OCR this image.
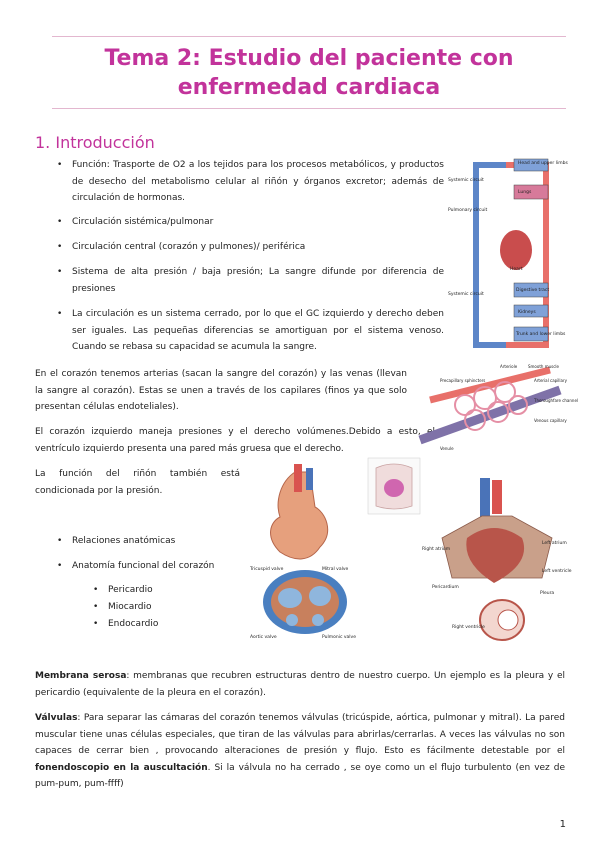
Tema 2: Estudio del paciente con
enfermedad cardiaca
1. Introducción
• Función: Trasporte de O2 a los tejidos para los procesos metabólicos, y productos de desecho del metabolismo celular al riñón y órganos excretor; además de circulación de hormonas.
• Circulación sistémica/pulmonar
• Circulación central (corazón y pulmones)/ periférica
• Sistema de alta presión / baja presión; La sangre difunde por diferencia de presiones
• La circulación es un sistema cerrado, por lo que el GC izquierdo y derecho deben ser iguales. Las pequeñas diferencias se amortiguan por el sistema venoso. Cuando se rebasa su capacidad se acumula la sangre.
Head and upper limbs
Lungs
Systemic circuit
Pulmonary circuit
Heart
Digestive tract
Kidneys
Trunk and lower limbs
Systemic circuit
En el corazón tenemos arterias (sacan la sangre del corazón) y las venas (llevan la sangre al corazón). Estas se unen a través de los capilares (finos ya que solo presentan células endoteliales).
El corazón izquierdo maneja presiones y el derecho volúmenes.Debido a esto, el ventrículo izquierdo presenta una pared más gruesa que el derecho.
La función del riñón también está condicionada por la presión.
Arteriole	Smooth muscle
Precapillary sphincters	Arterial capillary
Thoroughfare channel
Venous capillary
Venule
Tricuspid valve	Mitral valve
Aortic valve	Pulmonic valve
Right atrium
Left atrium
Left ventricle
Right ventricle
Pericardium
Pleura
• Relaciones anatómicas
• Anatomía funcional del corazón
• Pericardio
• Miocardio
• Endocardio
Membrana serosa: membranas que recubren estructuras dentro de nuestro cuerpo. Un ejemplo es la pleura y el pericardio (equivalente de la pleura en el corazón).
Válvulas: Para separar las cámaras del corazón tenemos válvulas (tricúspide, aórtica, pulmonar y mitral). La pared muscular tiene unas células especiales, que tiran de las válvulas para abrirlas/cerrarlas. A veces las válvulas no son capaces de cerrar bien , provocando alteraciones de presión y flujo. Esto es fácilmente detestable por el fonendoscopio en la auscultación. Si la válvula no ha cerrado , se oye como un el flujo turbulento (en vez de pum-pum, pum-ffff)
1
